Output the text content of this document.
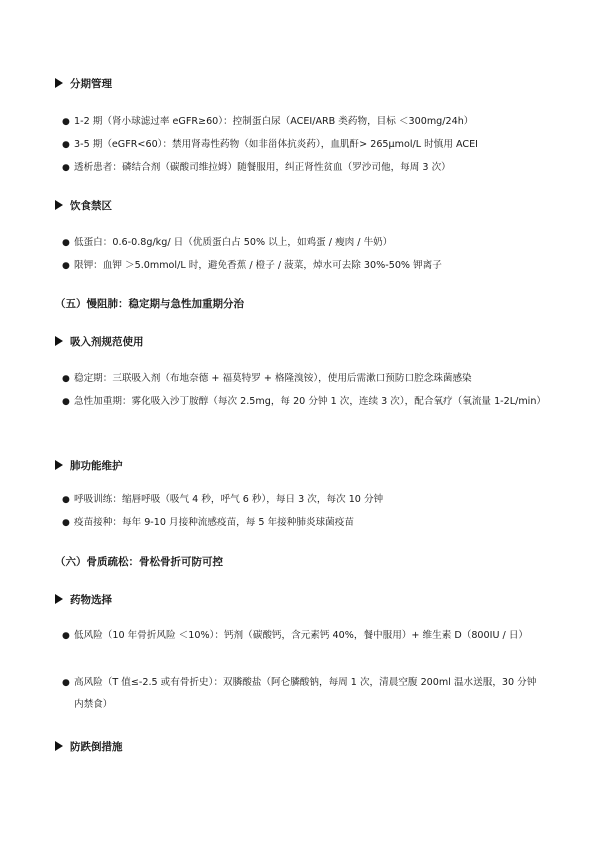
分期管理
● 1-2 期（肾小球滤过率 eGFR≥60）：控制蛋白尿（ACEI/ARB 类药物，目标 ＜300mg/24h）
● 3-5 期（eGFR<60）：禁用肾毒性药物（如非甾体抗炎药），血肌酐> 265μmol/L 时慎用 ACEI
● 透析患者：磷结合剂（碳酸司维拉姆）随餐服用，纠正肾性贫血（罗沙司他，每周 3 次）
饮食禁区
● 低蛋白：0.6-0.8g/kg/ 日（优质蛋白占 50% 以上，如鸡蛋 / 瘦肉 / 牛奶）
● 限钾：血钾 ＞5.0mmol/L 时，避免香蕉 / 橙子 / 菠菜，焯水可去除 30%-50% 钾离子
（五）慢阻肺：稳定期与急性加重期分治
吸入剂规范使用
● 稳定期：三联吸入剂（布地奈德 + 福莫特罗 + 格隆溴铵），使用后需漱口预防口腔念珠菌感染
● 急性加重期：雾化吸入沙丁胺醇（每次 2.5mg，每 20 分钟 1 次，连续 3 次），配合氧疗（氧流量 1-2L/min）
肺功能维护
● 呼吸训练：缩唇呼吸（吸气 4 秒，呼气 6 秒），每日 3 次，每次 10 分钟
● 疫苗接种：每年 9-10 月接种流感疫苗，每 5 年接种肺炎球菌疫苗
（六）骨质疏松：骨松骨折可防可控
药物选择
● 低风险（10 年骨折风险 ＜10%）：钙剂（碳酸钙，含元素钙 40%，餐中服用）+ 维生素 D（800IU / 日）
● 高风险（T 值≤-2.5 或有骨折史）：双膦酸盐（阿仑膦酸钠，每周 1 次，清晨空腹 200ml 温水送服，30 分钟内禁食）
防跌倒措施
